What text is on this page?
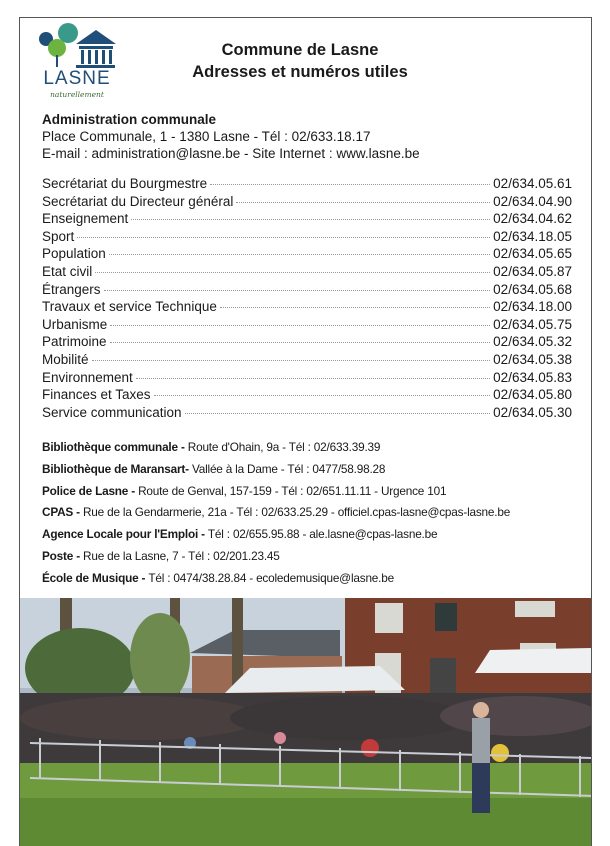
LASNE
naturellement
Commune de Lasne
Adresses et numéros utiles
Administration communale
Place Communale, 1 - 1380 Lasne - Tél : 02/633.18.17
E-mail : administration@lasne.be - Site Internet : www.lasne.be
Secrétariat du Bourgmestre	02/634.05.61
Secrétariat du Directeur général	02/634.04.90
Enseignement	02/634.04.62
Sport	02/634.18.05
Population	02/634.05.65
Etat civil	02/634.05.87
Étrangers	02/634.05.68
Travaux et service Technique	02/634.18.00
Urbanisme	02/634.05.75
Patrimoine	02/634.05.32
Mobilité	02/634.05.38
Environnement	02/634.05.83
Finances et Taxes	02/634.05.80
Service communication	02/634.05.30
Bibliothèque communale - Route d'Ohain, 9a - Tél : 02/633.39.39
Bibliothèque de Maransart- Vallée à la Dame - Tél : 0477/58.98.28
Police de Lasne - Route de Genval, 157-159 - Tél : 02/651.11.11 - Urgence 101
CPAS - Rue de la Gendarmerie, 21a - Tél : 02/633.25.29 - officiel.cpas-lasne@cpas-lasne.be
Agence Locale pour l'Emploi - Tél : 02/655.95.88 - ale.lasne@cpas-lasne.be
Poste - Rue de la Lasne, 7 - Tél : 02/201.23.45
École de Musique - Tél : 0474/38.28.84 - ecoledemusique@lasne.be
